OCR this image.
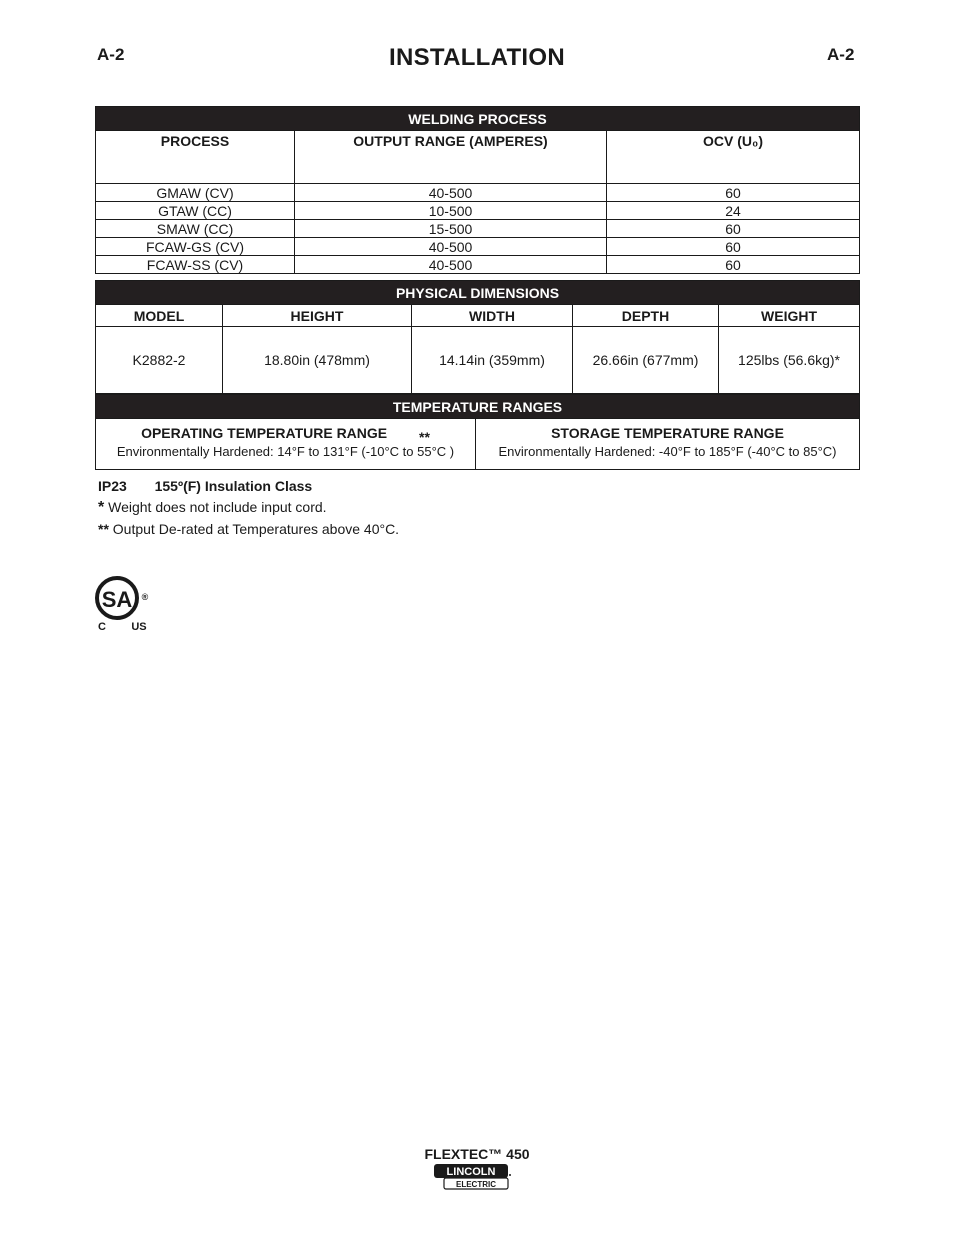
A-2	INSTALLATION	A-2
WELDING PROCESS		
PROCESS	OUTPUT RANGE (AMPERES)	OCV (U₀)
GMAW (CV)	40-500	60
GTAW (CC)	10-500	24
SMAW (CC)	15-500	60
FCAW-GS (CV)	40-500	60
FCAW-SS (CV)	40-500	60
PHYSICAL DIMENSIONS				
MODEL	HEIGHT	WIDTH	DEPTH	WEIGHT
K2882-2	18.80in (478mm)	14.14in (359mm)	26.66in (677mm)	125lbs (56.6kg)*
TEMPERATURE RANGES

OPERATING TEMPERATURE RANGE **
Environmentally Hardened: 14°F to 131°F (-10°C to 55°C )

STORAGE TEMPERATURE RANGE
Environmentally Hardened: -40°F to 185°F (-40°C to 85°C)
IP23 155º(F) Insulation Class
* Weight does not include input cord.
** Output De-rated at Temperatures above 40°C.
SA ®
C US
FLEXTEC™ 450
LINCOLN
ELECTRIC
